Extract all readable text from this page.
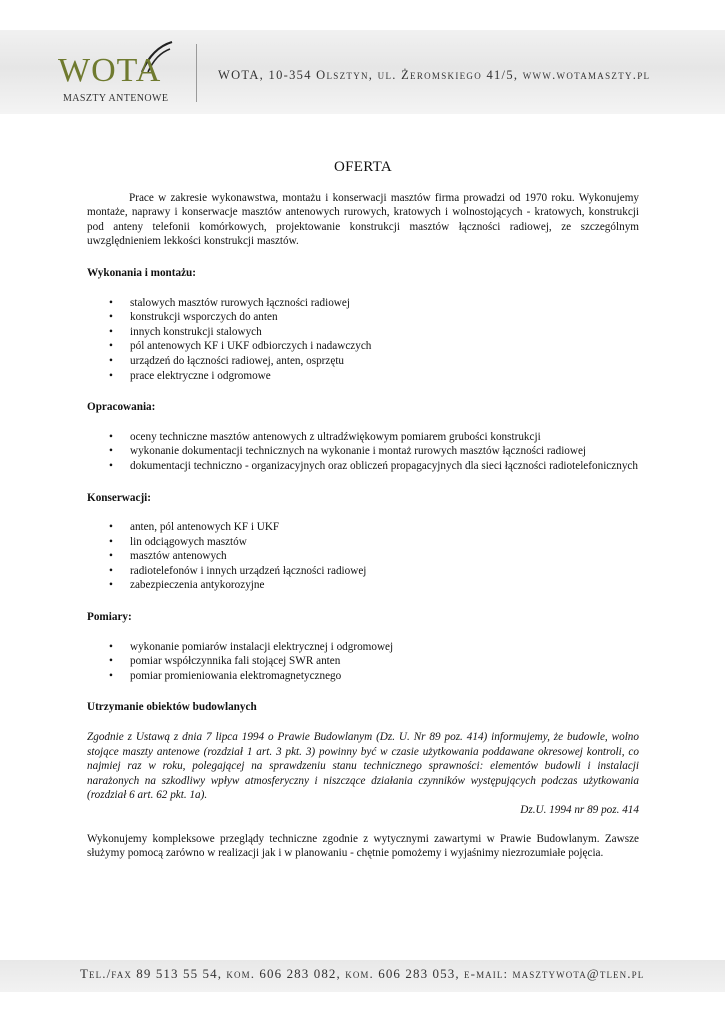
WOTA
MASZTY ANTENOWE
WOTA, 10-354 Olsztyn, ul. Żeromskiego 41/5, www.wotamaszty.pl
OFERTA

Prace w zakresie wykonawstwa, montażu i konserwacji masztów firma prowadzi od 1970 roku. Wykonujemy montaże, naprawy i konserwacje masztów antenowych rurowych, kratowych i wolnostojących - kratowych, konstrukcji pod anteny telefonii komórkowych, projektowanie konstrukcji masztów łączności radiowej, ze szczególnym uwzględnieniem lekkości konstrukcji masztów.

Wykonania i montażu:
• stalowych masztów rurowych łączności radiowej
• konstrukcji wsporczych do anten
• innych konstrukcji stalowych
• pól antenowych KF i UKF odbiorczych i nadawczych
• urządzeń do łączności radiowej, anten, osprzętu
• prace elektryczne i odgromowe
Opracowania:
• oceny techniczne masztów antenowych z ultradźwiękowym pomiarem grubości konstrukcji
• wykonanie dokumentacji technicznych na wykonanie i montaż rurowych masztów łączności radiowej
• dokumentacji techniczno - organizacyjnych oraz obliczeń propagacyjnych dla sieci łączności radiotelefonicznych
Konserwacji:
• anten, pól antenowych KF i UKF
• lin odciągowych masztów
• masztów antenowych
• radiotelefonów i innych urządzeń łączności radiowej
• zabezpieczenia antykorozyjne
Pomiary:
• wykonanie pomiarów instalacji elektrycznej i odgromowej
• pomiar współczynnika fali stojącej SWR anten
• pomiar promieniowania elektromagnetycznego
Utrzymanie obiektów budowlanych

Zgodnie z Ustawą z dnia 7 lipca 1994 o Prawie Budowlanym (Dz. U. Nr 89 poz. 414) informujemy, że budowle, wolno stojące maszty antenowe (rozdział 1 art. 3 pkt. 3) powinny być w czasie użytkowania poddawane okresowej kontroli, co najmiej raz w roku, polegającej na sprawdzeniu stanu technicznego sprawności: elementów budowli i instalacji narażonych na szkodliwy wpływ atmosferyczny i niszczące działania czynników występujących podczas użytkowania (rozdział 6 art. 62 pkt. 1a).

Dz.U. 1994 nr 89 poz. 414

Wykonujemy kompleksowe przeglądy techniczne zgodnie z wytycznymi zawartymi w Prawie Budowlanym. Zawsze służymy pomocą zarówno w realizacji jak i w planowaniu - chętnie pomożemy i wyjaśnimy niezrozumiałe pojęcia.

Tel./fax 89 513 55 54, kom. 606 283 082, kom. 606 283 053, e-mail: masztywota@tlen.pl
